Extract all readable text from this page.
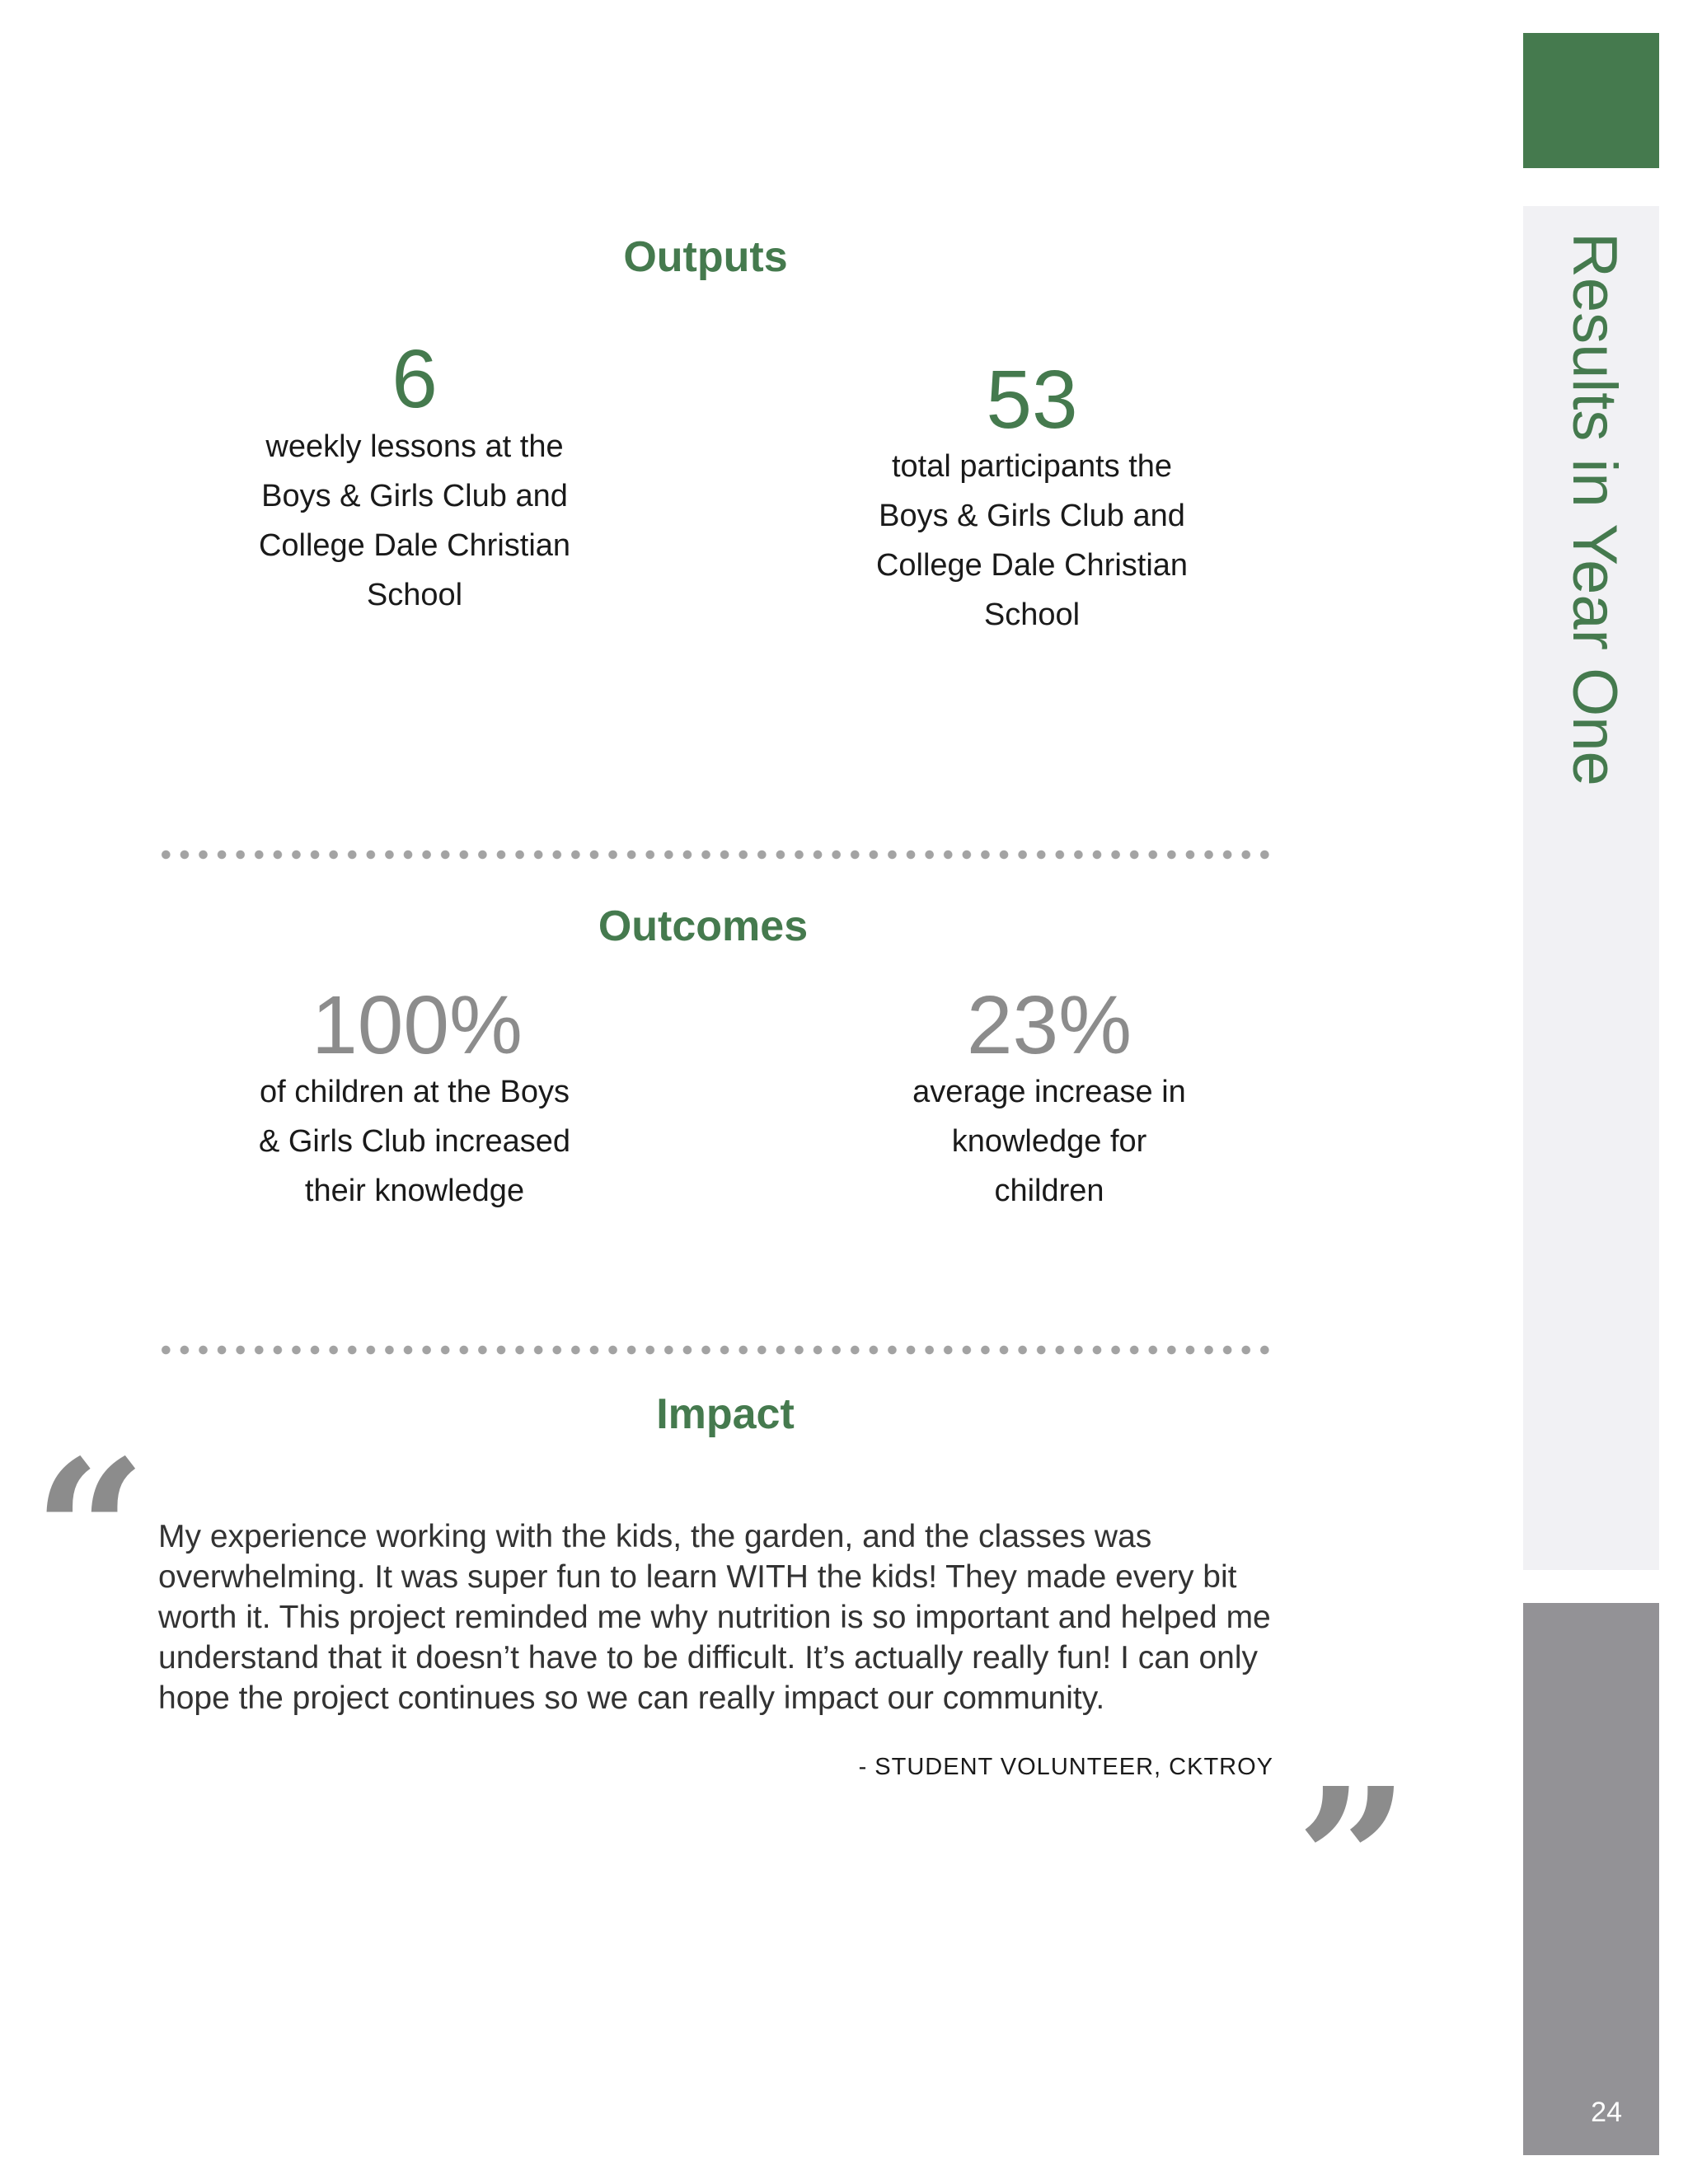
Results in Year One
24
Outputs
6
weekly lessons at the Boys & Girls Club and College Dale Christian School
53
total participants the Boys & Girls Club and College Dale Christian School
Outcomes
100%
of children at the Boys & Girls Club increased their knowledge
23%
average increase in knowledge for children
Impact
“ My experience working with the kids, the garden, and the classes was overwhelming. It was super fun to learn WITH the kids! They made every bit worth it. This project reminded me why nutrition is so important and helped me understand that it doesn’t have to be difficult. It’s actually really fun! I can only hope the project continues so we can really impact our community.

- STUDENT VOLUNTEER, CKTROY ”
